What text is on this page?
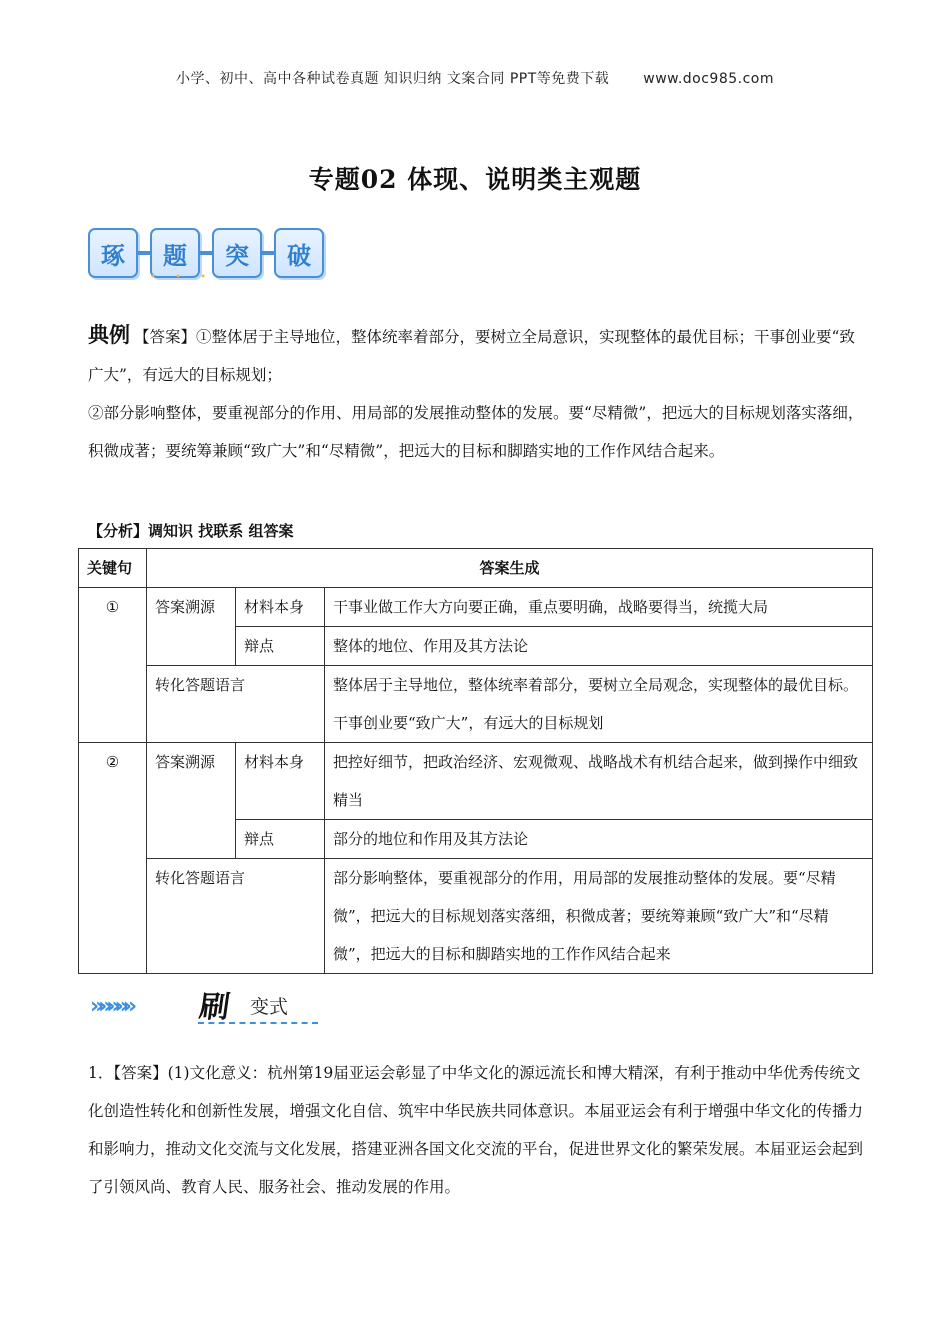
小学、初中、高中各种试卷真题 知识归纳 文案合同 PPT等免费下载 www.doc985.com
专题02 体现、说明类主观题
琢	题	突	破
• • •
典例 【答案】①整体居于主导地位，整体统率着部分，要树立全局意识，实现整体的最优目标；干事创业要“致广大”，有远大的目标规划；
②部分影响整体，要重视部分的作用、用局部的发展推动整体的发展。要“尽精微”，把远大的目标规划落实落细，积微成著；要统筹兼顾“致广大”和“尽精微”，把远大的目标和脚踏实地的工作作风结合起来。
【分析】调知识 找联系 组答案
关键句	答案生成		
①	答案溯源	材料本身	干事业做工作大方向要正确，重点要明确，战略要得当，统揽大局
		辩点	整体的地位、作用及其方法论
	转化答题语言		整体居于主导地位，整体统率着部分，要树立全局观念，实现整体的最优目标。干事创业要“致广大”，有远大的目标规划
②	答案溯源	材料本身	把控好细节，把政治经济、宏观微观、战略战术有机结合起来，做到操作中细致精当
		辩点	部分的地位和作用及其方法论
	转化答题语言		部分影响整体，要重视部分的作用，用局部的发展推动整体的发展。要“尽精微”，把远大的目标规划落实落细，积微成著；要统筹兼顾“致广大”和“尽精微”，把远大的目标和脚踏实地的工作作风结合起来
»»»»» 刷 变式
1．【答案】(1)文化意义：杭州第19届亚运会彰显了中华文化的源远流长和博大精深，有利于推动中华优秀传统文化创造性转化和创新性发展，增强文化自信、筑牢中华民族共同体意识。本届亚运会有利于增强中华文化的传播力和影响力，推动文化交流与文化发展，搭建亚洲各国文化交流的平台，促进世界文化的繁荣发展。本届亚运会起到了引领风尚、教育人民、服务社会、推动发展的作用。
